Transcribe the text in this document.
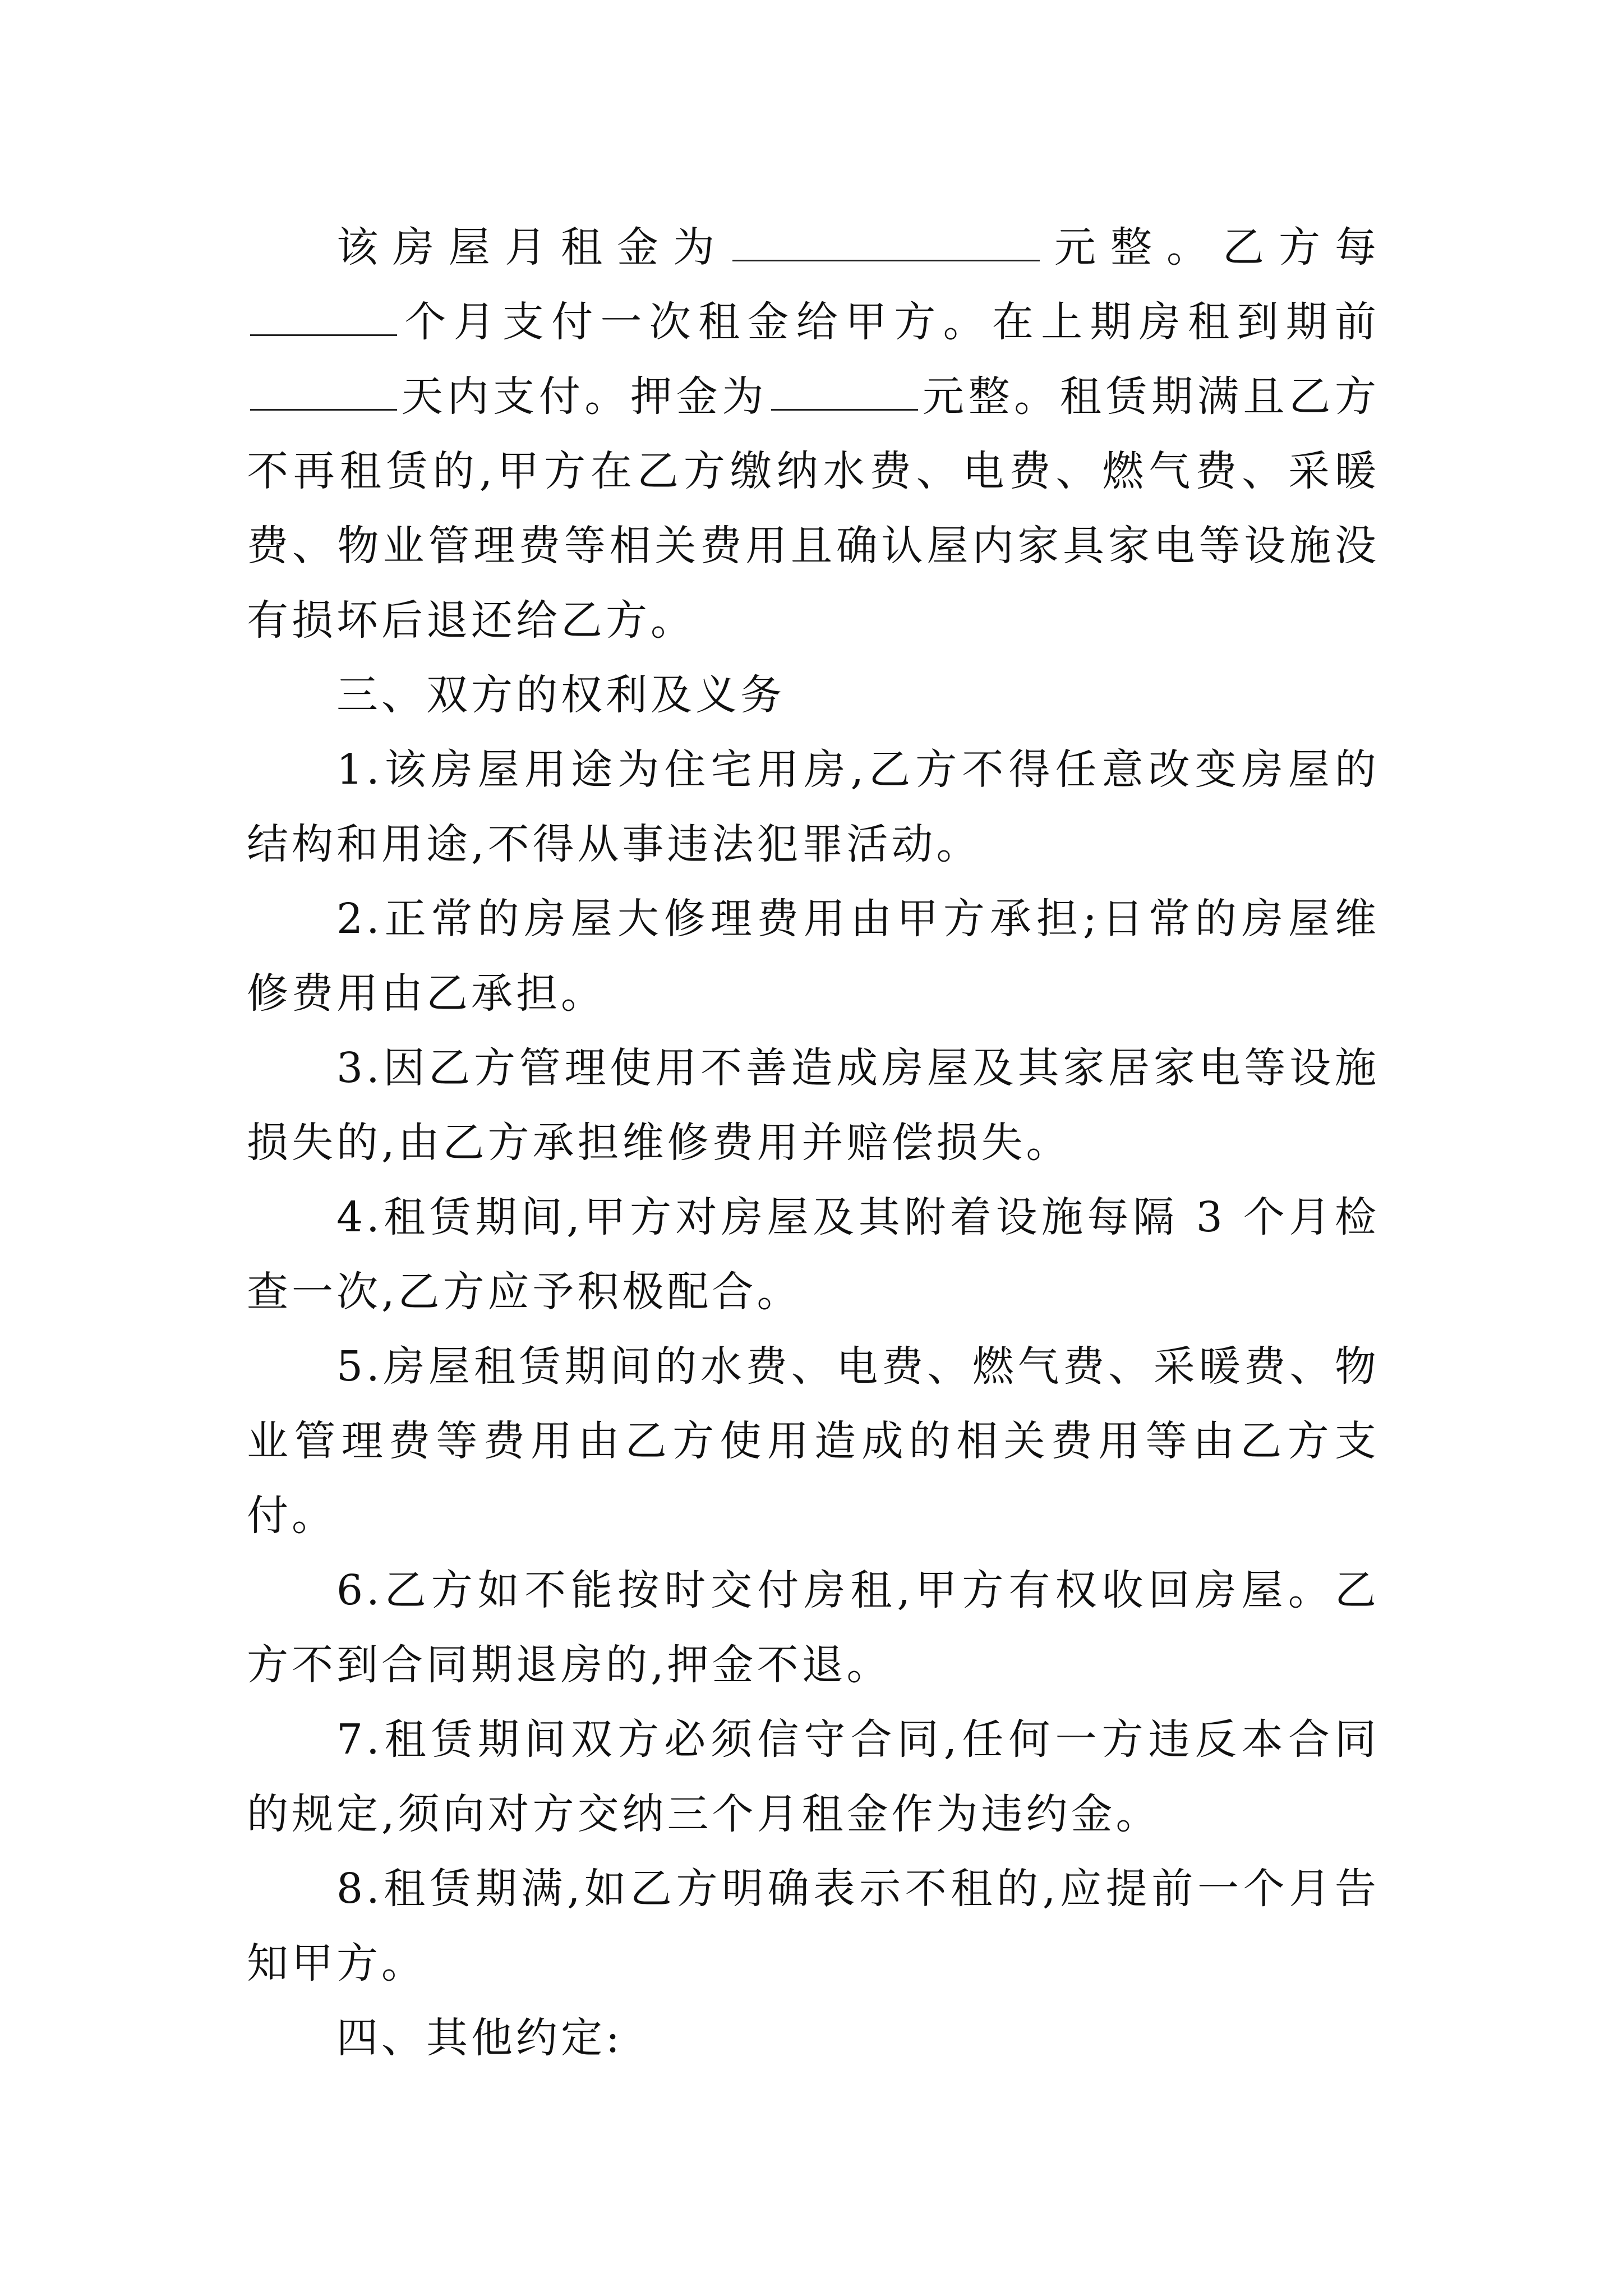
该房屋月租金为	元整。乙方每个月支付一次租金给甲方。在上期房租到期前天内支付。押金为	元整。租赁期满且乙方不再租赁的,甲方在乙方缴纳水费、电费、燃气费、采暖费、物业管理费等相关费用且确认屋内家具家电等设施没有损坏后退还给乙方。

三、双方的权利及义务

1.该房屋用途为住宅用房,乙方不得任意改变房屋的结构和用途,不得从事违法犯罪活动。

2.正常的房屋大修理费用由甲方承担;日常的房屋维修费用由乙承担。

3.因乙方管理使用不善造成房屋及其家居家电等设施损失的,由乙方承担维修费用并赔偿损失。

4.租赁期间,甲方对房屋及其附着设施每隔 3 个月检查一次,乙方应予积极配合。

5.房屋租赁期间的水费、电费、燃气费、采暖费、物业管理费等费用由乙方使用造成的相关费用等由乙方支付。

6.乙方如不能按时交付房租,甲方有权收回房屋。乙方不到合同期退房的,押金不退。

7.租赁期间双方必须信守合同,任何一方违反本合同的规定,须向对方交纳三个月租金作为违约金。

8.租赁期满,如乙方明确表示不租的,应提前一个月告知甲方。

四、其他约定:
